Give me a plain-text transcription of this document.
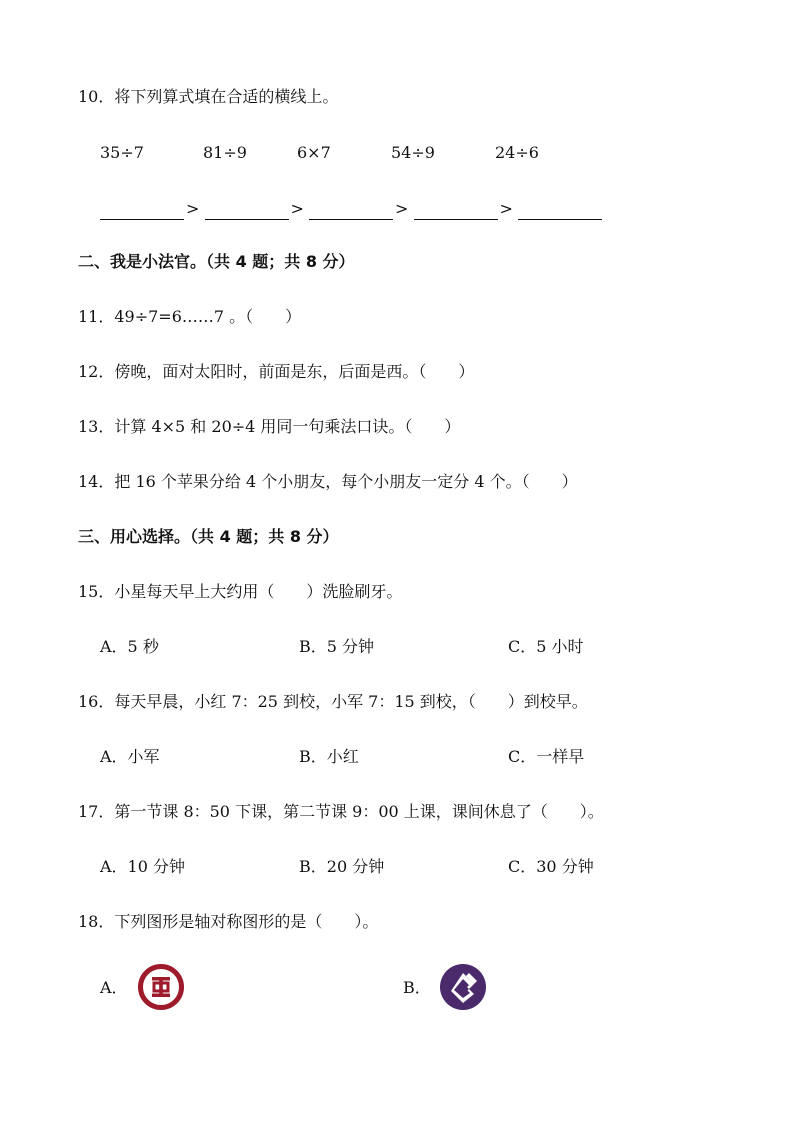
10．将下列算式填在合适的横线上。
35÷7	81÷9	6×7	54÷9	24÷6
>	>	>	>
二、我是小法官。（共 4 题；共 8 分）
11．49÷7=6……7 。（　　）
12．傍晚，面对太阳时，前面是东，后面是西。（　　）
13．计算 4×5 和 20÷4 用同一句乘法口诀。（　　）
14．把 16 个苹果分给 4 个小朋友，每个小朋友一定分 4 个。（　　）
三、用心选择。（共 4 题；共 8 分）
15．小星每天早上大约用（　　）洗脸刷牙。
A．5 秒	B．5 分钟	C．5 小时
16．每天早晨，小红 7：25 到校，小军 7：15 到校，（　　）到校早。
A．小军	B．小红	C．一样早
17．第一节课 8：50 下课，第二节课 9：00 上课，课间休息了（　　）。
A．10 分钟	B．20 分钟	C．30 分钟
18．下列图形是轴对称图形的是（　　）。
A．	B．
